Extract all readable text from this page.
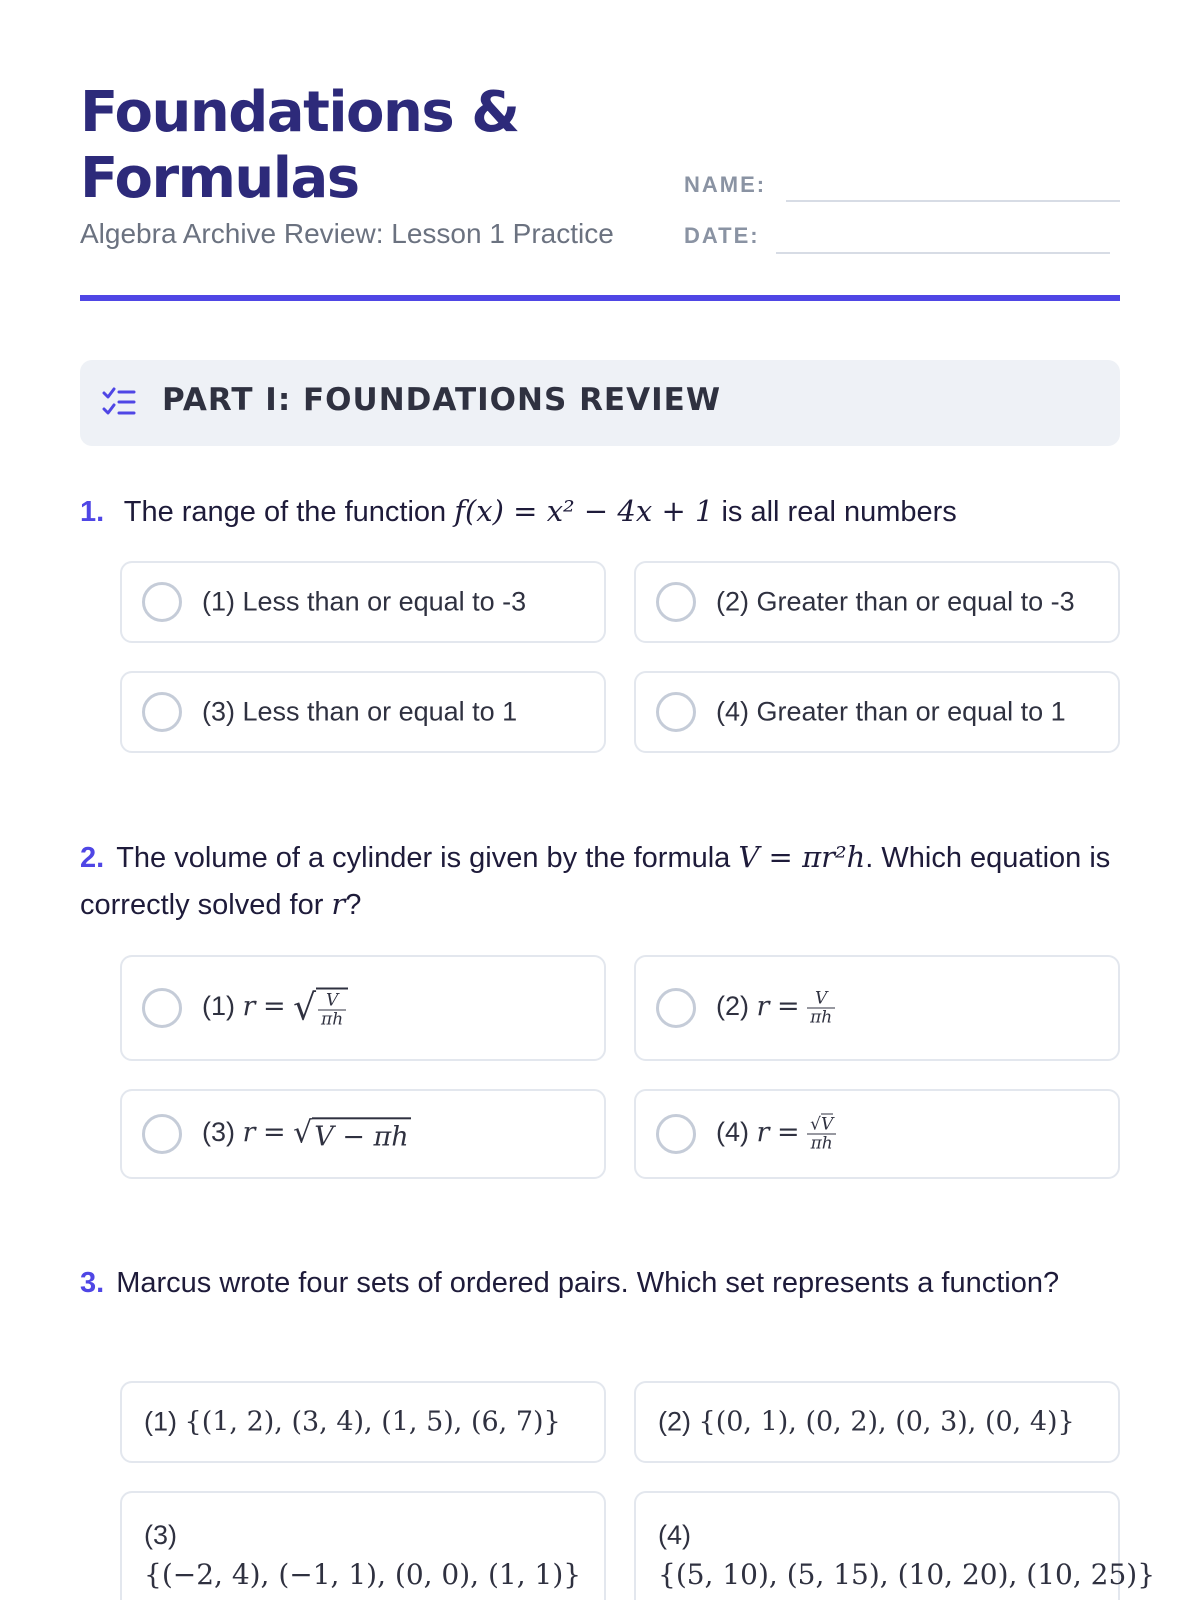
Foundations & Formulas
Algebra Archive Review: Lesson 1 Practice
NAME:
DATE:
PART I: FOUNDATIONS REVIEW
1. The range of the function f(x) = x² − 4x + 1 is all real numbers
(1) Less than or equal to -3	(2) Greater than or equal to -3
(3) Less than or equal to 1	(4) Greater than or equal to 1
2. The volume of a cylinder is given by the formula V = πr²h. Which equation is correctly solved for r?
(1) r = √ $\frac{V}{\pi h}$	(2) $r = \frac{V}{\pi h}$
(3) r = √V − πh	(4) $r = \frac{√V}{\pi h}$
3. Marcus wrote four sets of ordered pairs. Which set represents a function?
(1) {(1, 2), (3, 4), (1, 5), (6, 7)}	(2) {(0, 1), (0, 2), (0, 3), (0, 4)}
(3)
{(−2, 4), (−1, 1), (0, 0), (1, 1)}
(4)
{(5, 10), (5, 15), (10, 20), (10, 25)}
